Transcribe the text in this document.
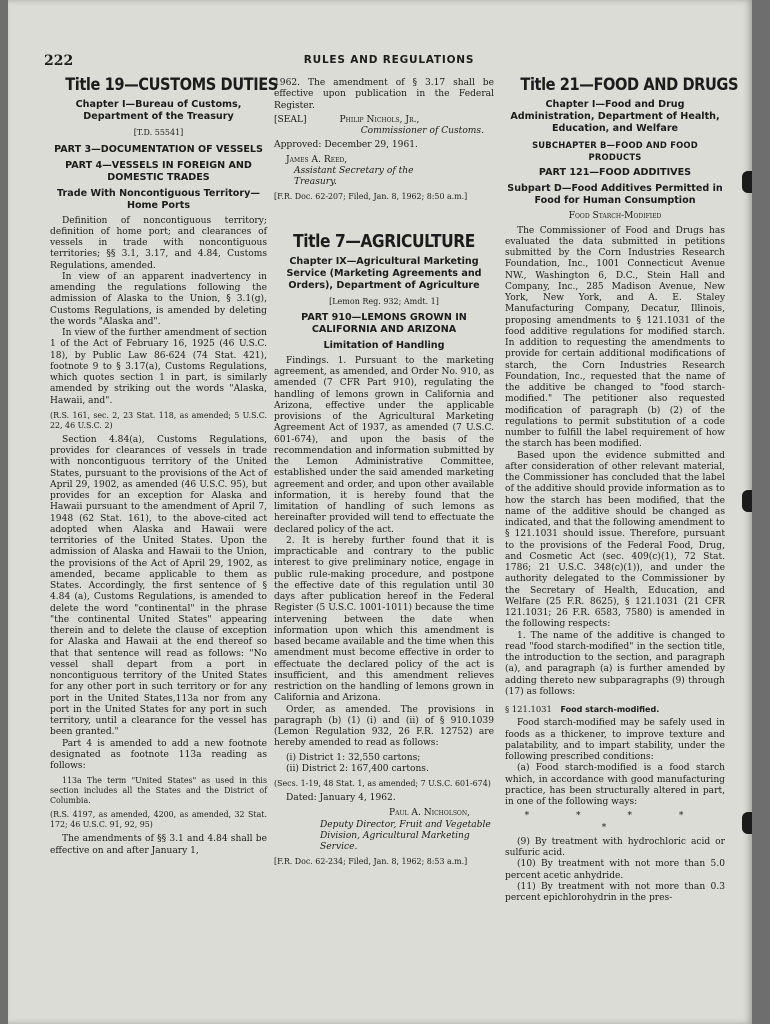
222	RULES AND REGULATIONS
Title 19—CUSTOMS DUTIES
Chapter I—Bureau of Customs, Department of the Treasury
[T.D. 55541]
PART 3—DOCUMENTATION OF VESSELS
PART 4—VESSELS IN FOREIGN AND DOMESTIC TRADES
Trade With Noncontiguous Territory—Home Ports

Definition of noncontiguous territory; definition of home port; and clearances of vessels in trade with noncontiguous territories; §§ 3.1, 3.17, and 4.84, Customs Regulations, amended.

In view of an apparent inadvertency in amending the regulations following the admission of Alaska to the Union, § 3.1(g), Customs Regulations, is amended by deleting the words "Alaska and".

In view of the further amendment of section 1 of the Act of February 16, 1925 (46 U.S.C. 18), by Public Law 86-624 (74 Stat. 421), footnote 9 to § 3.17(a), Customs Regulations, which quotes section 1 in part, is similarly amended by striking out the words "Alaska, Hawaii, and".

(R.S. 161, sec. 2, 23 Stat. 118, as amended; 5 U.S.C. 22, 46 U.S.C. 2)

Section 4.84(a), Customs Regulations, provides for clearances of vessels in trade with noncontiguous territory of the United States, pursuant to the provisions of the Act of April 29, 1902, as amended (46 U.S.C. 95), but provides for an exception for Alaska and Hawaii pursuant to the amendment of April 7, 1948 (62 Stat. 161), to the above-cited act adopted when Alaska and Hawaii were territories of the United States. Upon the admission of Alaska and Hawaii to the Union, the provisions of the Act of April 29, 1902, as amended, became applicable to them as States. Accordingly, the first sentence of § 4.84 (a), Customs Regulations, is amended to delete the word "continental" in the phrase "the continental United States" appearing therein and to delete the clause of exception for Alaska and Hawaii at the end thereof so that that sentence will read as follows: "No vessel shall depart from a port in noncontiguous territory of the United States for any other port in such territory or for any port in the United States,113a nor from any port in the United States for any port in such territory, until a clearance for the vessel has been granted."

Part 4 is amended to add a new footnote designated as footnote 113a reading as follows:

113a The term "United States" as used in this section includes all the States and the District of Columbia.

(R.S. 4197, as amended, 4200, as amended, 32 Stat. 172; 46 U.S.C. 91, 92, 95)

The amendments of §§ 3.1 and 4.84 shall be effective on and after January 1,

1962. The amendment of § 3.17 shall be effective upon publication in the Federal Register.

[SEAL]	Philip Nichols, Jr.,

Commissioner of Customs.

Approved: December 29, 1961.

James A. Reed,

Assistant Secretary of the Treasury.

[F.R. Doc. 62-207; Filed, Jan. 8, 1962; 8:50 a.m.]

Title 7—AGRICULTURE
Chapter IX—Agricultural Marketing Service (Marketing Agreements and Orders), Department of Agriculture
[Lemon Reg. 932; Amdt. 1]
PART 910—LEMONS GROWN IN CALIFORNIA AND ARIZONA
Limitation of Handling

Findings. 1. Pursuant to the marketing agreement, as amended, and Order No. 910, as amended (7 CFR Part 910), regulating the handling of lemons grown in California and Arizona, effective under the applicable provisions of the Agricultural Marketing Agreement Act of 1937, as amended (7 U.S.C. 601-674), and upon the basis of the recommendation and information submitted by the Lemon Administrative Committee, established under the said amended marketing agreement and order, and upon other available information, it is hereby found that the limitation of handling of such lemons as hereinafter provided will tend to effectuate the declared policy of the act.

2. It is hereby further found that it is impracticable and contrary to the public interest to give preliminary notice, engage in public rule-making procedure, and postpone the effective date of this regulation until 30 days after publication hereof in the Federal Register (5 U.S.C. 1001-1011) because the time intervening between the date when information upon which this amendment is based became available and the time when this amendment must become effective in order to effectuate the declared policy of the act is insufficient, and this amendment relieves restriction on the handling of lemons grown in California and Arizona.

Order, as amended. The provisions in paragraph (b) (1) (i) and (ii) of § 910.1039 (Lemon Regulation 932, 26 F.R. 12752) are hereby amended to read as follows:

(i) District 1: 32,550 cartons;

(ii) District 2: 167,400 cartons.

(Secs. 1-19, 48 Stat. 1, as amended; 7 U.S.C. 601-674)

Dated: January 4, 1962.

Paul A. Nicholson,
Deputy Director, Fruit and Vegetable Division, Agricultural Marketing Service.

[F.R. Doc. 62-234; Filed, Jan. 8, 1962; 8:53 a.m.]

Title 21—FOOD AND DRUGS
Chapter I—Food and Drug Administration, Department of Health, Education, and Welfare
SUBCHAPTER B—FOOD AND FOOD PRODUCTS
PART 121—FOOD ADDITIVES
Subpart D—Food Additives Permitted in Food for Human Consumption
Food Starch-Modified

The Commissioner of Food and Drugs has evaluated the data submitted in petitions submitted by the Corn Industries Research Foundation, Inc., 1001 Connecticut Avenue NW., Washington 6, D.C., Stein Hall and Company, Inc., 285 Madison Avenue, New York, New York, and A. E. Staley Manufacturing Company, Decatur, Illinois, proposing amendments to § 121.1031 of the food additive regulations for modified starch. In addition to requesting the amendments to provide for certain additional modifications of starch, the Corn Industries Research Foundation, Inc., requested that the name of the additive be changed to "food starch-modified." The petitioner also requested modification of paragraph (b) (2) of the regulations to permit substitution of a code number to fulfill the label requirement of how the starch has been modified.

Based upon the evidence submitted and after consideration of other relevant material, the Commissioner has concluded that the label of the additive should provide information as to how the starch has been modified, that the name of the additive should be changed as indicated, and that the following amendment to § 121.1031 should issue. Therefore, pursuant to the provisions of the Federal Food, Drug, and Cosmetic Act (sec. 409(c)(1), 72 Stat. 1786; 21 U.S.C. 348(c)(1)), and under the authority delegated to the Commissioner by the Secretary of Health, Education, and Welfare (25 F.R. 8625), § 121.1031 (21 CFR 121.1031; 26 F.R. 6583, 7580) is amended in the following respects:

1. The name of the additive is changed to read "food starch-modified" in the section title, the introduction to the section, and paragraph (a), and paragraph (a) is further amended by adding thereto new subparagraphs (9) through (17) as follows:

§ 121.1031 Food starch-modified.

Food starch-modified may be safely used in foods as a thickener, to improve texture and palatability, and to impart stability, under the following prescribed conditions:

(a) Food starch-modified is a food starch which, in accordance with good manufacturing practice, has been structurally altered in part, in one of the following ways:

* * * * *

(9) By treatment with hydrochloric acid or sulfuric acid.

(10) By treatment with not more than 5.0 percent acetic anhydride.

(11) By treatment with not more than 0.3 percent epichlorohydrin in the pres-
